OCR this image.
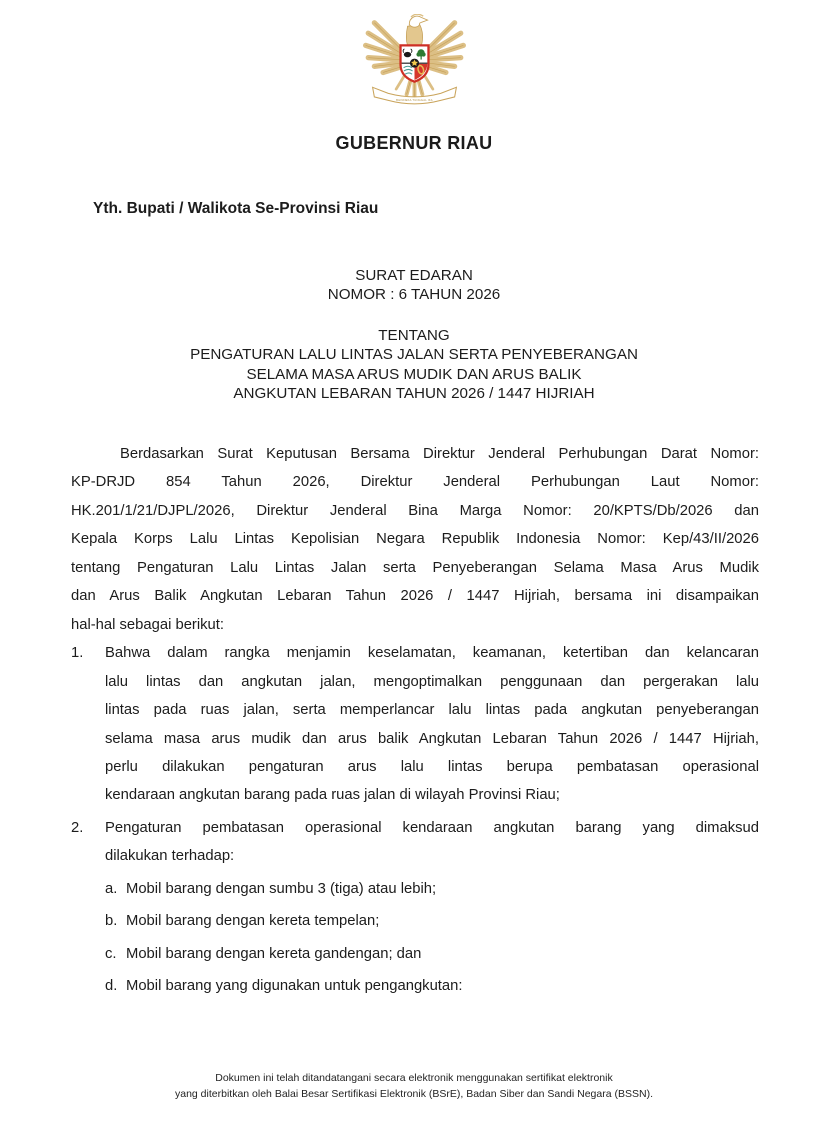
BHINNEKA TUNGGAL IKA
GUBERNUR RIAU
Yth. Bupati / Walikota Se-Provinsi Riau
SURAT EDARAN
NOMOR : 6 TAHUN 2026
TENTANG
PENGATURAN LALU LINTAS JALAN SERTA PENYEBERANGAN
SELAMA MASA ARUS MUDIK DAN ARUS BALIK
ANGKUTAN LEBARAN TAHUN 2026 / 1447 HIJRIAH
Berdasarkan Surat Keputusan Bersama Direktur Jenderal Perhubungan Darat Nomor:
KP-DRJD 854 Tahun 2026, Direktur Jenderal Perhubungan Laut Nomor:
HK.201/1/21/DJPL/2026, Direktur Jenderal Bina Marga Nomor: 20/KPTS/Db/2026 dan
Kepala Korps Lalu Lintas Kepolisian Negara Republik Indonesia Nomor: Kep/43/II/2026
tentang Pengaturan Lalu Lintas Jalan serta Penyeberangan Selama Masa Arus Mudik
dan Arus Balik Angkutan Lebaran Tahun 2026 / 1447 Hijriah, bersama ini disampaikan
hal-hal sebagai berikut:
1.	Bahwa dalam rangka menjamin keselamatan, keamanan, ketertiban dan kelancaran
lalu lintas dan angkutan jalan, mengoptimalkan penggunaan dan pergerakan lalu
lintas pada ruas jalan, serta memperlancar lalu lintas pada angkutan penyeberangan
selama masa arus mudik dan arus balik Angkutan Lebaran Tahun 2026 / 1447 Hijriah,
perlu dilakukan pengaturan arus lalu lintas berupa pembatasan operasional
kendaraan angkutan barang pada ruas jalan di wilayah Provinsi Riau;
2.	Pengaturan pembatasan operasional kendaraan angkutan barang yang dimaksud
dilakukan terhadap:
a. Mobil barang dengan sumbu 3 (tiga) atau lebih;
b. Mobil barang dengan kereta tempelan;
c. Mobil barang dengan kereta gandengan; dan
d. Mobil barang yang digunakan untuk pengangkutan:
Dokumen ini telah ditandatangani secara elektronik menggunakan sertifikat elektronik
yang diterbitkan oleh Balai Besar Sertifikasi Elektronik (BSrE), Badan Siber dan Sandi Negara (BSSN).
